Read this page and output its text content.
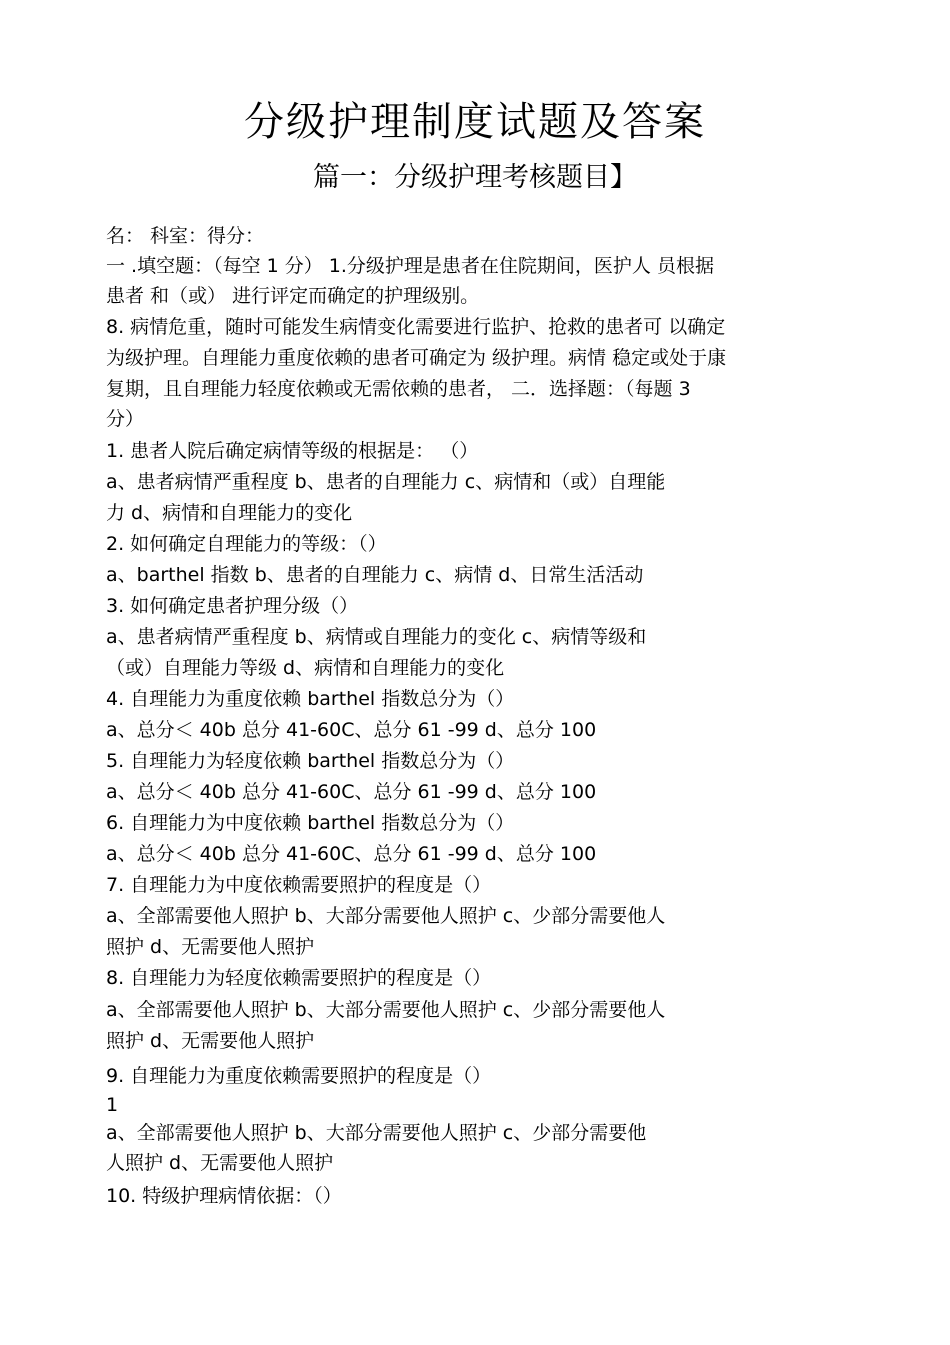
分级护理制度试题及答案
篇一：分级护理考核题目】
名： 科室：得分：
一 .填空题：（每空 1 分） 1.分级护理是患者在住院期间，医护人 员根据
患者 和（或） 进行评定而确定的护理级别。
8. 病情危重，随时可能发生病情变化需要进行监护、抢救的患者可 以确定
为级护理。自理能力重度依赖的患者可确定为 级护理。病情 稳定或处于康
复期，且自理能力轻度依赖或无需依赖的患者， 二．选择题：（每题 3
分）
1. 患者人院后确定病情等级的根据是： （）
a、患者病情严重程度 b、患者的自理能力 c、病情和（或）自理能
力 d、病情和自理能力的变化
2. 如何确定自理能力的等级：（）
a、barthel 指数 b、患者的自理能力 c、病情 d、日常生活活动
3. 如何确定患者护理分级（）
a、患者病情严重程度 b、病情或自理能力的变化 c、病情等级和
（或）自理能力等级 d、病情和自理能力的变化
4. 自理能力为重度依赖 barthel 指数总分为（）
a、总分＜ 40b 总分 41-60C、总分 61 -99 d、总分 100
5. 自理能力为轻度依赖 barthel 指数总分为（）
a、总分＜ 40b 总分 41-60C、总分 61 -99 d、总分 100
6. 自理能力为中度依赖 barthel 指数总分为（）
a、总分＜ 40b 总分 41-60C、总分 61 -99 d、总分 100
7. 自理能力为中度依赖需要照护的程度是（）
a、全部需要他人照护 b、大部分需要他人照护 c、少部分需要他人
照护 d、无需要他人照护
8. 自理能力为轻度依赖需要照护的程度是（）
a、全部需要他人照护 b、大部分需要他人照护 c、少部分需要他人
照护 d、无需要他人照护
9. 自理能力为重度依赖需要照护的程度是（）
1
a、全部需要他人照护 b、大部分需要他人照护 c、少部分需要他
人照护 d、无需要他人照护
10. 特级护理病情依据：（）
